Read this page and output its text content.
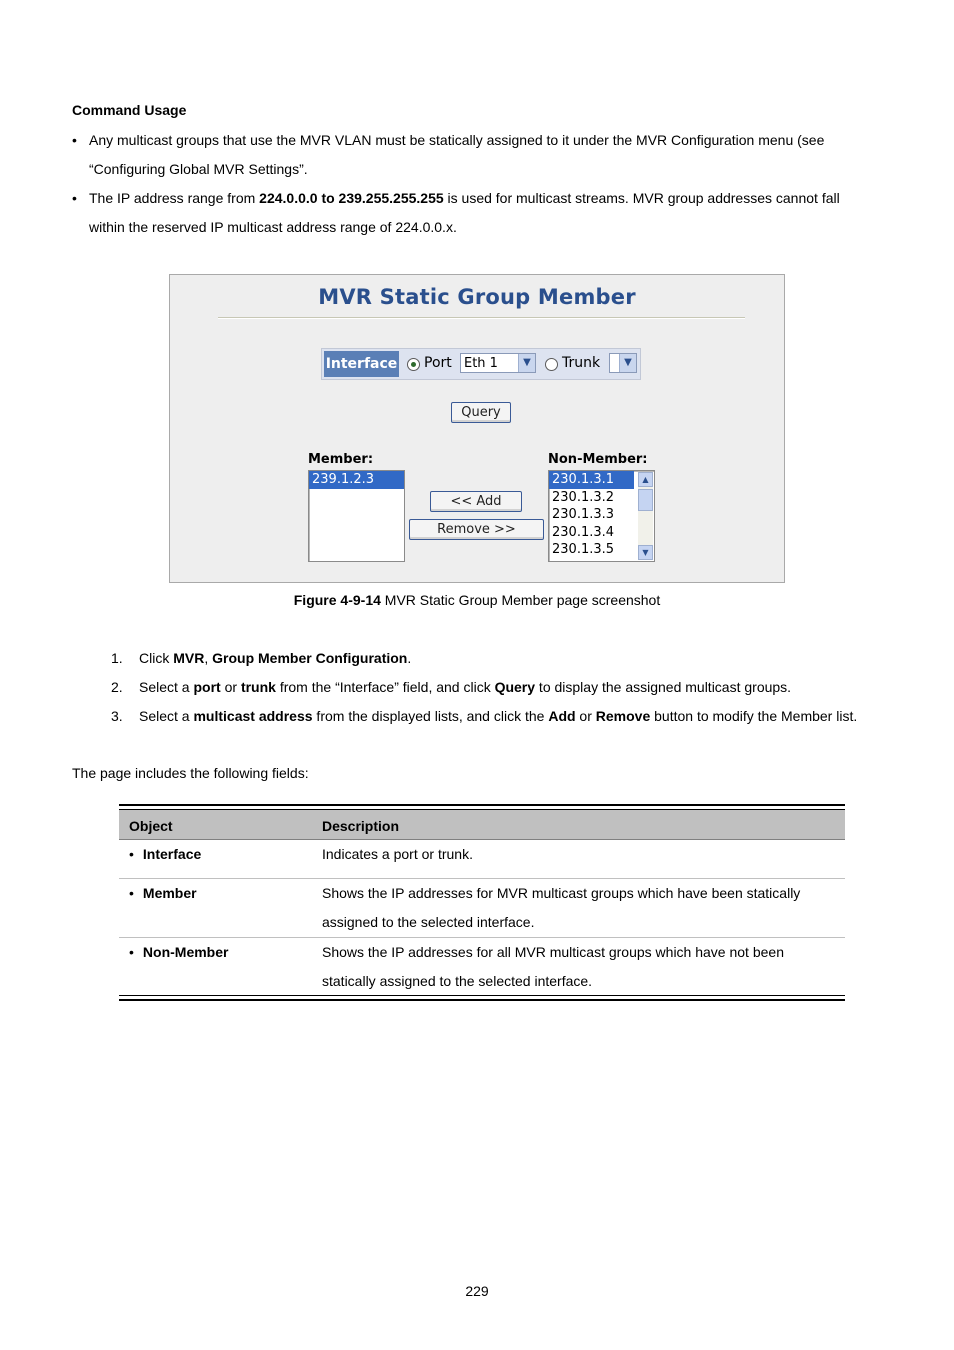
Command Usage
• Any multicast groups that use the MVR VLAN must be statically assigned to it under the MVR Configuration menu (see
“Configuring Global MVR Settings”.
• The IP address range from 224.0.0.0 to 239.255.255.255 is used for multicast streams. MVR group addresses cannot fall
within the reserved IP multicast address range of 224.0.0.x.
MVR Static Group Member
Interface Port Eth 1	▼ Trunk	▼
Query
Member:	Non-Member:
239.1.2.3
<< Add
Remove >>
230.1.3.1
230.1.3.2
230.1.3.3
230.1.3.4
230.1.3.5
▲
▼
Figure 4-9-14 MVR Static Group Member page screenshot
1. Click MVR, Group Member Configuration.
2. Select a port or trunk from the “Interface” field, and click Query to display the assigned multicast groups.
3. Select a multicast address from the displayed lists, and click the Add or Remove button to modify the Member list.
The page includes the following fields:
Object	Description
• Interface	Indicates a port or trunk.
• Member	Shows the IP addresses for MVR multicast groups which have been statically
assigned to the selected interface.
• Non-Member	Shows the IP addresses for all MVR multicast groups which have not been
statically assigned to the selected interface.
229
